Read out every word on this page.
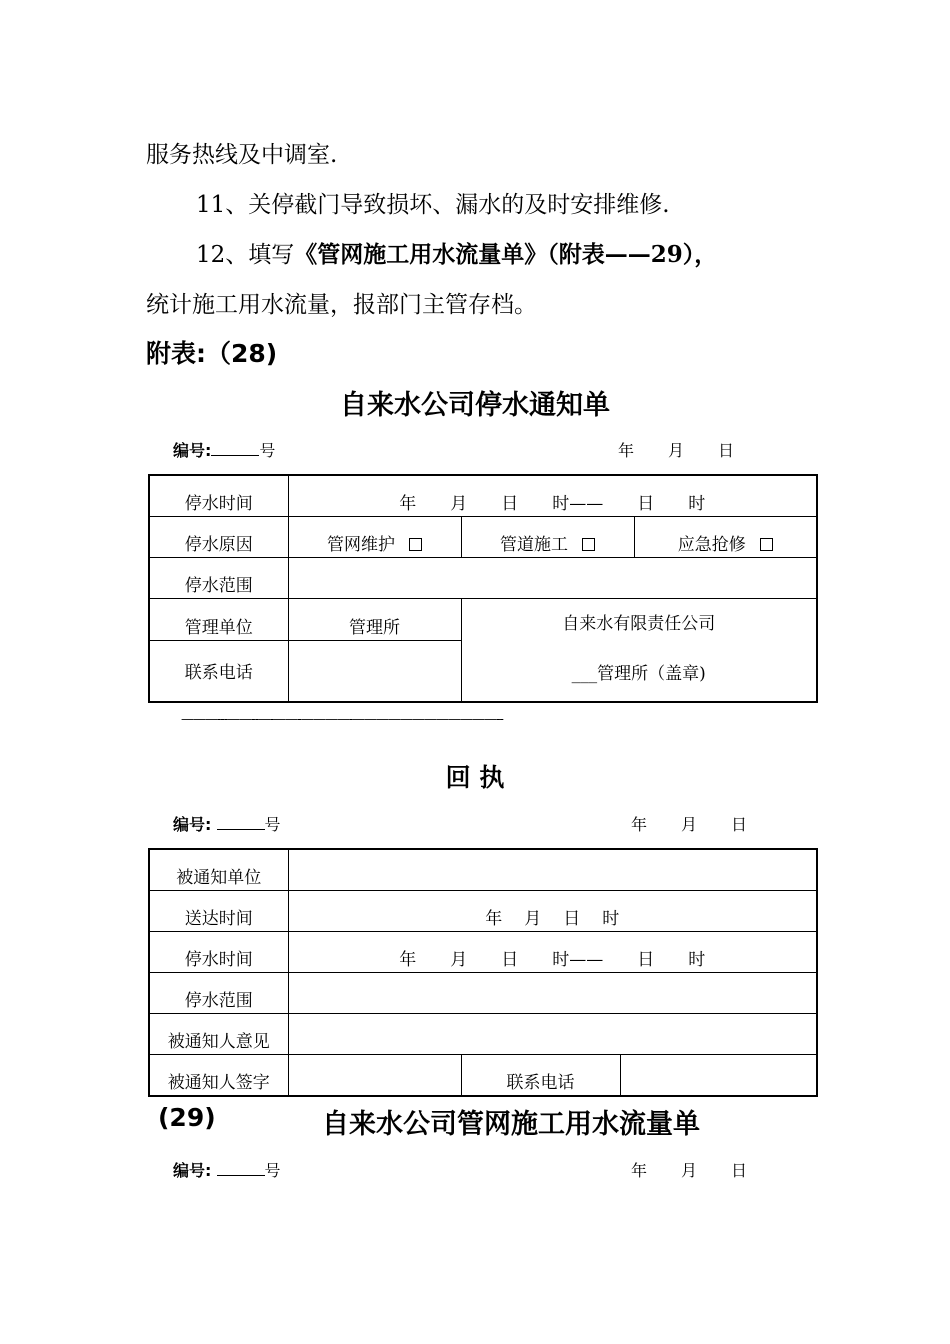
服务热线及中调室.
11、关停截门导致损坏、漏水的及时安排维修.
12、填写《管网施工用水流量单》（附表——29），
统计施工用水流量，报部门主管存档。
附表:（28)
自来水公司停水通知单
编号:	号	年 月 日
停水时间	年 月 日 时—— 日 时		
停水原因	管网维护	管道施工	应急抢修
停水范围			
管理单位	管理所	自来水有限责任公司
___管理所（盖章)	

联系电话			
———---——--—-——-————-————————————--
回 执
编号:	号	年 月 日
被通知单位			
送达时间	年 月 日 时		
停水时间	年 月 日 时—— 日 时		
停水范围			
被通知人意见			
被通知人签字		联系电话	
(29)	自来水公司管网施工用水流量单
编号:	号	年 月 日
